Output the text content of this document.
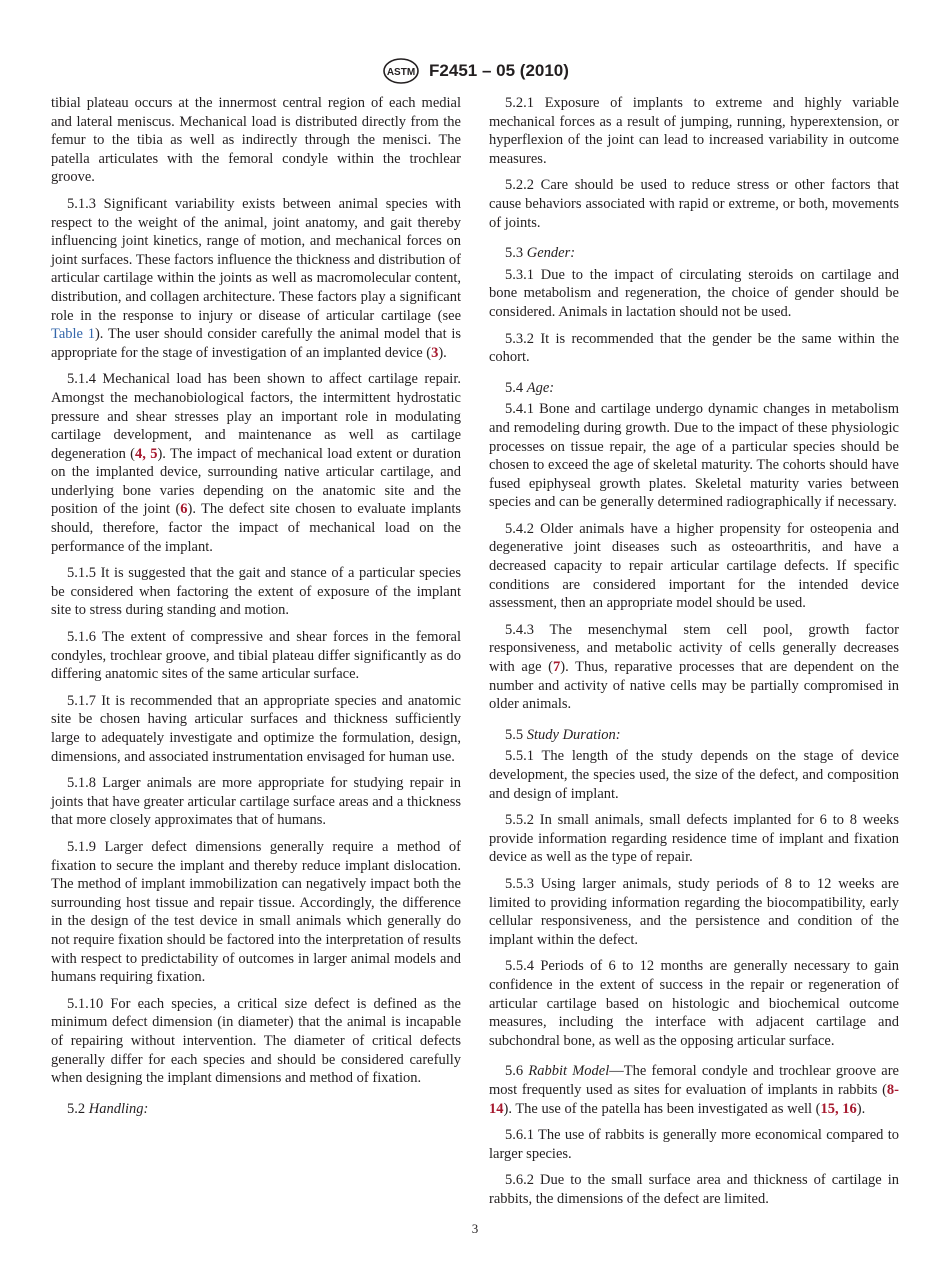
ASTM F2451 – 05 (2010)

tibial plateau occurs at the innermost central region of each medial and lateral meniscus. Mechanical load is distributed directly from the femur to the tibia as well as indirectly through the menisci. The patella articulates with the femoral condyle within the trochlear groove.

5.1.3 Significant variability exists between animal species with respect to the weight of the animal, joint anatomy, and gait thereby influencing joint kinetics, range of motion, and mechanical forces on joint surfaces. These factors influence the thickness and distribution of articular cartilage within the joints as well as macromolecular content, distribution, and collagen architecture. These factors play a significant role in the response to injury or disease of articular cartilage (see Table 1). The user should consider carefully the animal model that is appropriate for the stage of investigation of an implanted device (3).

5.1.4 Mechanical load has been shown to affect cartilage repair. Amongst the mechanobiological factors, the intermittent hydrostatic pressure and shear stresses play an important role in modulating cartilage development, and maintenance as well as cartilage degeneration (4, 5). The impact of mechanical load extent or duration on the implanted device, surrounding native articular cartilage, and underlying bone varies depending on the anatomic site and the position of the joint (6). The defect site chosen to evaluate implants should, therefore, factor the impact of mechanical load on the performance of the implant.

5.1.5 It is suggested that the gait and stance of a particular species be considered when factoring the extent of exposure of the implant site to stress during standing and motion.

5.1.6 The extent of compressive and shear forces in the femoral condyles, trochlear groove, and tibial plateau differ significantly as do differing anatomic sites of the same articular surface.

5.1.7 It is recommended that an appropriate species and anatomic site be chosen having articular surfaces and thickness sufficiently large to adequately investigate and optimize the formulation, design, dimensions, and associated instrumentation envisaged for human use.

5.1.8 Larger animals are more appropriate for studying repair in joints that have greater articular cartilage surface areas and a thickness that more closely approximates that of humans.

5.1.9 Larger defect dimensions generally require a method of fixation to secure the implant and thereby reduce implant dislocation. The method of implant immobilization can negatively impact both the surrounding host tissue and repair tissue. Accordingly, the difference in the design of the test device in small animals which generally do not require fixation should be factored into the interpretation of results with respect to predictability of outcomes in larger animal models and humans requiring fixation.

5.1.10 For each species, a critical size defect is defined as the minimum defect dimension (in diameter) that the animal is incapable of repairing without intervention. The diameter of critical defects generally differ for each species and should be considered carefully when designing the implant dimensions and method of fixation.

5.2 Handling:

5.2.1 Exposure of implants to extreme and highly variable mechanical forces as a result of jumping, running, hyperextension, or hyperflexion of the joint can lead to increased variability in outcome measures.

5.2.2 Care should be used to reduce stress or other factors that cause behaviors associated with rapid or extreme, or both, movements of joints.

5.3 Gender:

5.3.1 Due to the impact of circulating steroids on cartilage and bone metabolism and regeneration, the choice of gender should be considered. Animals in lactation should not be used.

5.3.2 It is recommended that the gender be the same within the cohort.

5.4 Age:

5.4.1 Bone and cartilage undergo dynamic changes in metabolism and remodeling during growth. Due to the impact of these physiologic processes on tissue repair, the age of a particular species should be chosen to exceed the age of skeletal maturity. The cohorts should have fused epiphyseal growth plates. Skeletal maturity varies between species and can be generally determined radiographically if necessary.

5.4.2 Older animals have a higher propensity for osteopenia and degenerative joint diseases such as osteoarthritis, and have a decreased capacity to repair articular cartilage defects. If specific conditions are considered important for the intended device assessment, then an appropriate model should be used.

5.4.3 The mesenchymal stem cell pool, growth factor responsiveness, and metabolic activity of cells generally decreases with age (7). Thus, reparative processes that are dependent on the number and activity of native cells may be partially compromised in older animals.

5.5 Study Duration:

5.5.1 The length of the study depends on the stage of device development, the species used, the size of the defect, and composition and design of implant.

5.5.2 In small animals, small defects implanted for 6 to 8 weeks provide information regarding residence time of implant and fixation device as well as the type of repair.

5.5.3 Using larger animals, study periods of 8 to 12 weeks are limited to providing information regarding the biocompatibility, early cellular responsiveness, and the persistence and condition of the implant within the defect.

5.5.4 Periods of 6 to 12 months are generally necessary to gain confidence in the extent of success in the repair or regeneration of articular cartilage based on histologic and biochemical outcome measures, including the interface with adjacent cartilage and subchondral bone, as well as the opposing articular surface.

5.6 Rabbit Model—The femoral condyle and trochlear groove are most frequently used as sites for evaluation of implants in rabbits (8-14). The use of the patella has been investigated as well (15, 16).

5.6.1 The use of rabbits is generally more economical compared to larger species.

5.6.2 Due to the small surface area and thickness of cartilage in rabbits, the dimensions of the defect are limited.

3
